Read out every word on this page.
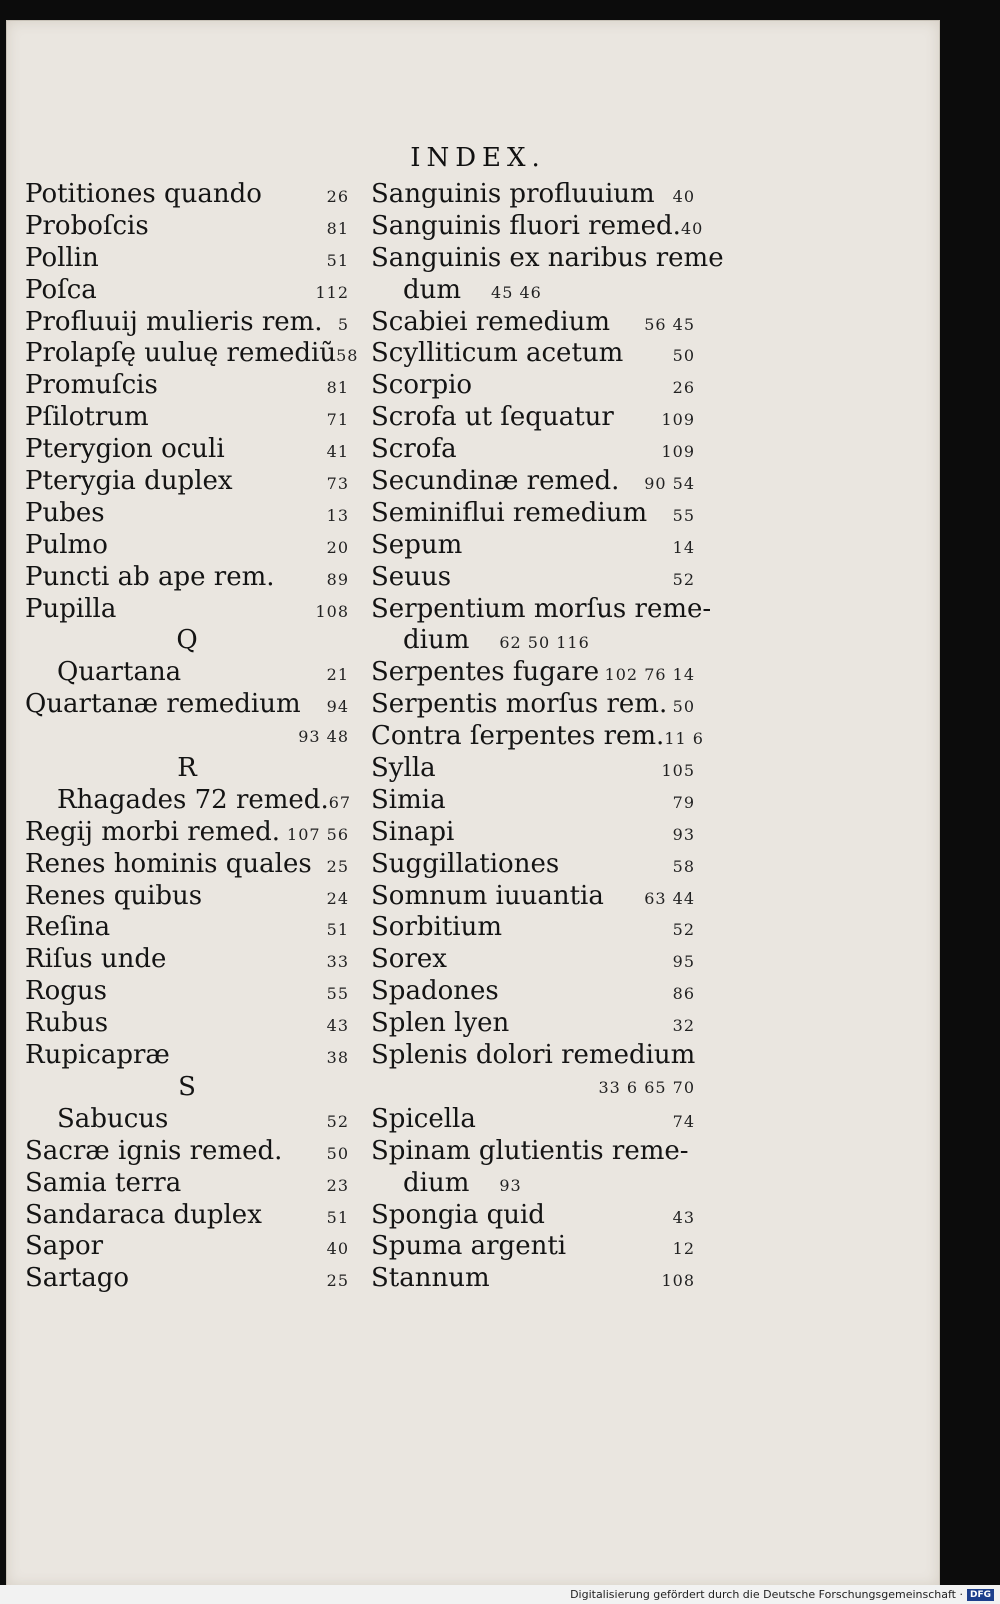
INDEX.
Potitiones quando	26
Proboſcis	81
Pollin	51
Poſca	112
Profluuij mulieris rem. 5
Prolapſę uuluę remediũ 58
Promuſcis	81
Pſilotrum	71
Pterygion oculi	41
Pterygia duplex	73
Pubes	13
Pulmo	20
Puncti ab ape rem.	89
Pupilla	108
Q
Quartana	21
Quartanæ remedium 94
93 48
R
Rhagades 72 remed. 67
Regij morbi remed. 107 56
Renes hominis quales 25
Renes quibus	24
Reſina	51
Riſus unde	33
Rogus	55
Rubus	43
Rupicapræ	38
S
Sabucus	52
Sacræ ignis remed.	50
Samia terra	23
Sandaraca duplex	51
Sapor	40
Sartago	25
Sanguinis profluuium 40
Sanguinis fluori remed. 40
Sanguinis ex naribus reme
dum 45 46
Scabiei remedium 56 45
Scylliticum acetum	50
Scorpio	26
Scrofa ut ſequatur	109
Scrofa	109
Secundinæ remed. 90 54
Seminiflui remedium 55
Sepum	14
Seuus	52
Serpentium morſus reme-
dium 62 50 116
Serpentes fugare 102 76 14
Serpentis morſus rem. 50
Contra ſerpentes rem. 11 6
Sylla	105
Simia	79
Sinapi	93
Suggillationes	58
Somnum iuuantia	63 44
Sorbitium	52
Sorex	95
Spadones	86
Splen lyen	32
Splenis dolori remedium
33 6 65 70
Spicella	74
Spinam glutientis reme-
dium 93
Spongia quid	43
Spuma argenti	12
Stannum	108
Digitalisierung gefördert durch die Deutsche Forschungsgemeinschaft · DFG
